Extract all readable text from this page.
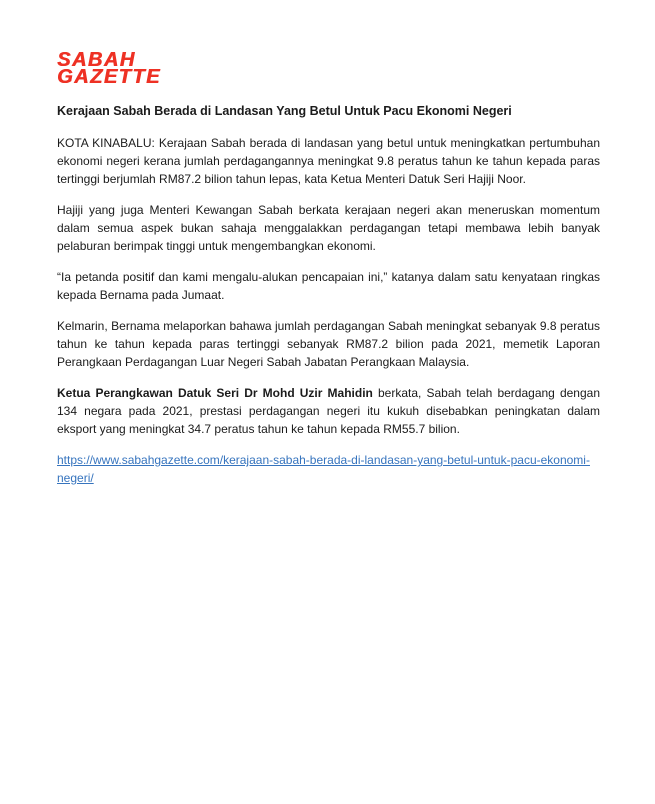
SABAH
GAZETTE
Kerajaan Sabah Berada di Landasan Yang Betul Untuk Pacu Ekonomi Negeri

KOTA KINABALU: Kerajaan Sabah berada di landasan yang betul untuk meningkatkan pertumbuhan ekonomi negeri kerana jumlah perdagangannya meningkat 9.8 peratus tahun ke tahun kepada paras tertinggi berjumlah RM87.2 bilion tahun lepas, kata Ketua Menteri Datuk Seri Hajiji Noor.

Hajiji yang juga Menteri Kewangan Sabah berkata kerajaan negeri akan meneruskan momentum dalam semua aspek bukan sahaja menggalakkan perdagangan tetapi membawa lebih banyak pelaburan berimpak tinggi untuk mengembangkan ekonomi.

“Ia petanda positif dan kami mengalu-alukan pencapaian ini,” katanya dalam satu kenyataan ringkas kepada Bernama pada Jumaat.

Kelmarin, Bernama melaporkan bahawa jumlah perdagangan Sabah meningkat sebanyak 9.8 peratus tahun ke tahun kepada paras tertinggi sebanyak RM87.2 bilion pada 2021, memetik Laporan Perangkaan Perdagangan Luar Negeri Sabah Jabatan Perangkaan Malaysia.

Ketua Perangkawan Datuk Seri Dr Mohd Uzir Mahidin berkata, Sabah telah berdagang dengan 134 negara pada 2021, prestasi perdagangan negeri itu kukuh disebabkan peningkatan dalam eksport yang meningkat 34.7 peratus tahun ke tahun kepada RM55.7 bilion.

https://www.sabahgazette.com/kerajaan-sabah-berada-di-landasan-yang-betul-untuk-pacu-ekonomi-negeri/
